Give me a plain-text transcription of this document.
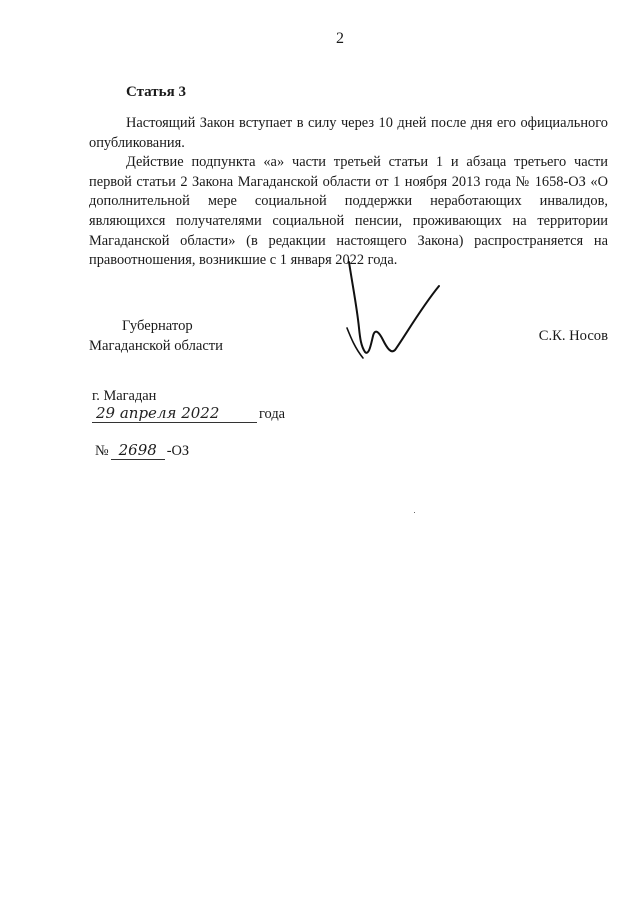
2
Статья 3

Настоящий Закон вступает в силу через 10 дней после дня его официального опубликования.

Действие подпункта «а» части третьей статьи 1 и абзаца третьего части первой статьи 2 Закона Магаданской области от 1 ноября 2013 года № 1658-ОЗ «О дополнительной мере социальной поддержки неработающих инвалидов, являющихся получателями социальной пенсии, проживающих на территории Магаданской области» (в редакции настоящего Закона) распространяется на правоотношения, возникшие с 1 января 2022 года.

Губернатор
Магаданской области
С.К. Носов
г. Магадан
29 апреля 2022	года
№ 2698 -ОЗ
